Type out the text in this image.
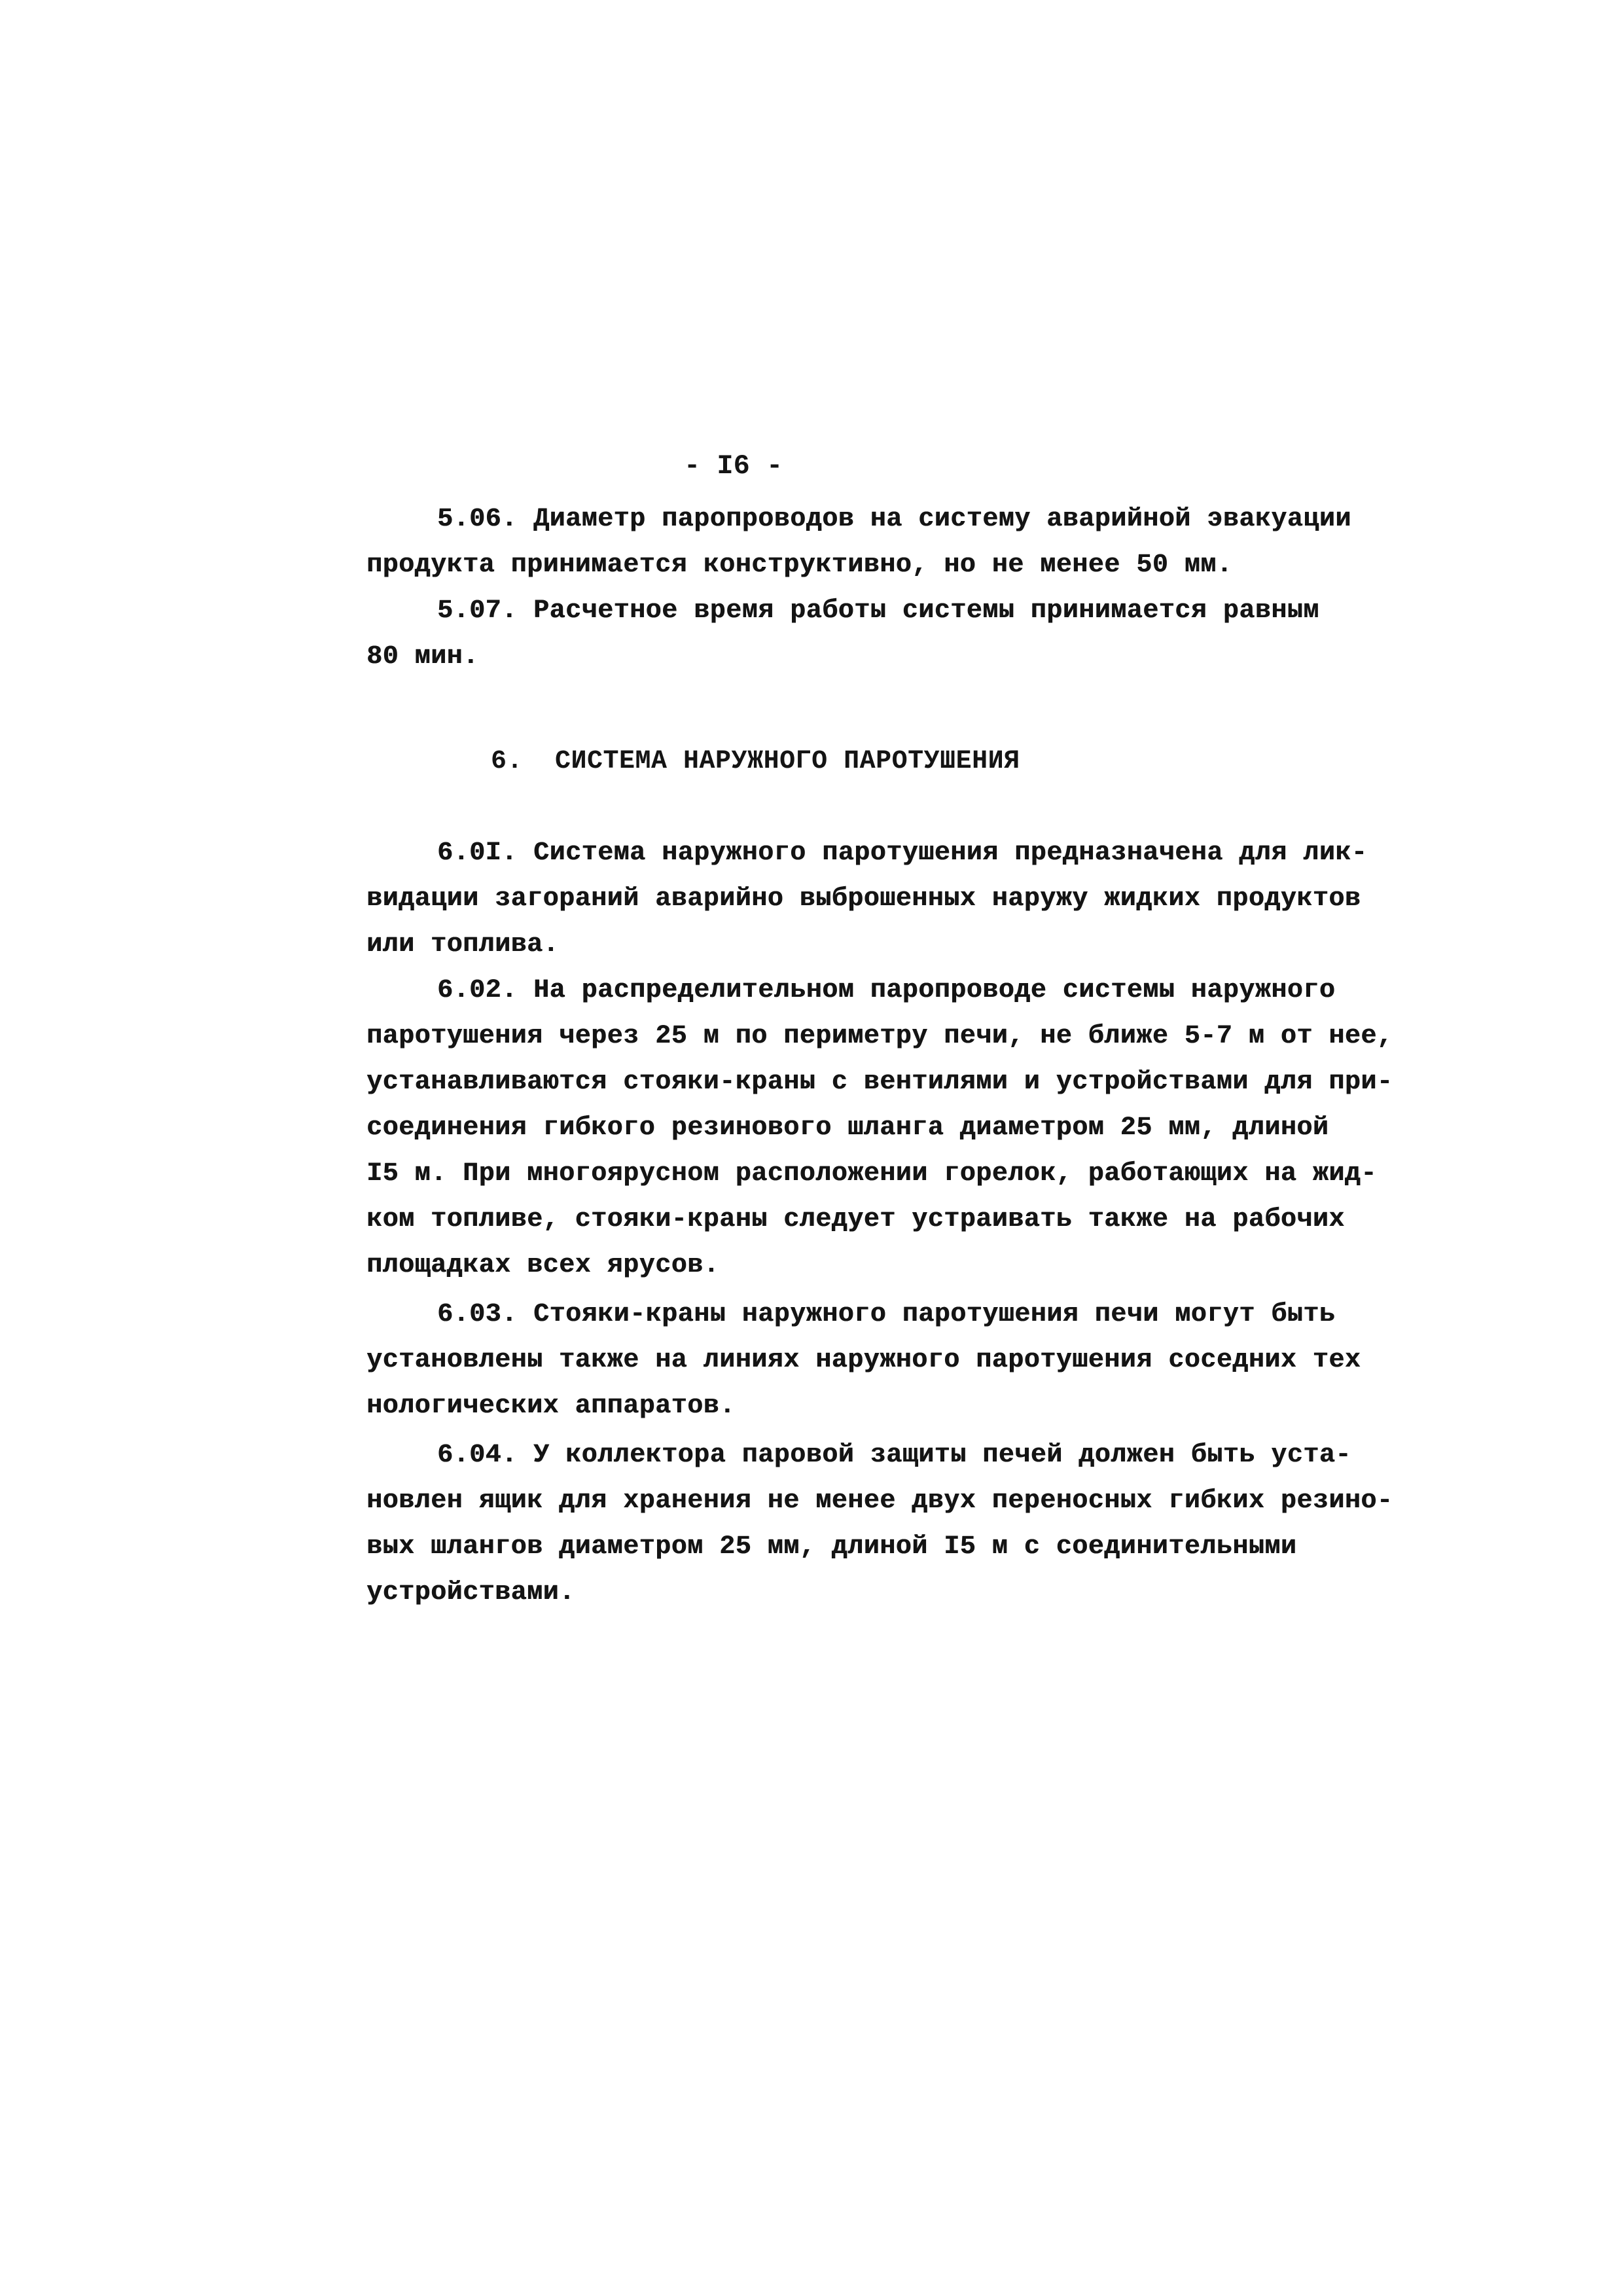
- I6 -
5.06. Диаметр паропроводов на систему аварийной эвакуации
продукта принимается конструктивно, но не менее 50 мм.
5.07. Расчетное время работы системы принимается равным
80 мин.
6.  СИСТЕМА НАРУЖНОГО ПАРОТУШЕНИЯ
6.0I. Система наружного паротушения предназначена для лик-
видации загораний аварийно выброшенных наружу жидких продуктов
или топлива.
6.02. На распределительном паропроводе системы наружного
паротушения через 25 м по периметру печи, не ближе 5-7 м от нее,
устанавливаются стояки-краны с вентилями и устройствами для при-
соединения гибкого резинового шланга диаметром 25 мм, длиной
I5 м. При многоярусном расположении горелок, работающих на жид-
ком топливе, стояки-краны следует устраивать также на рабочих
площадках всех ярусов.
6.03. Стояки-краны наружного паротушения печи могут быть
установлены также на линиях наружного паротушения соседних тех
нологических аппаратов.
6.04. У коллектора паровой защиты печей должен быть уста-
новлен ящик для хранения не менее двух переносных гибких резино-
вых шлангов диаметром 25 мм, длиной I5 м с соединительными
устройствами.
